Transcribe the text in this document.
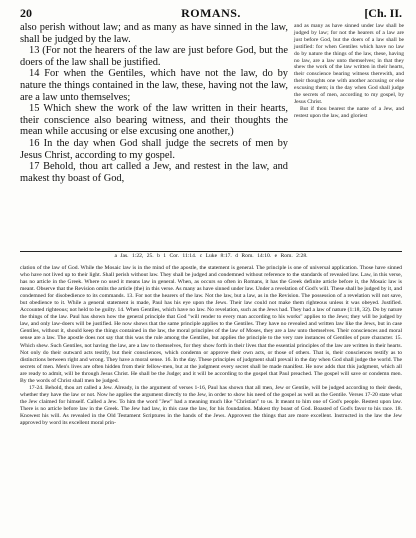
20	ROMANS.	[Ch. II.

also perish without law; and as many as have sinned in the law, shall be judged by the law.

13 (For not the hearers of the law are just before God, but the doers of the law shall be justified.

14 For when the Gentiles, which have not the law, do by nature the things contained in the law, these, having not the law, are a law unto themselves;

15 Which shew the work of the law written in their hearts, their conscience also bearing witness, and their thoughts the mean while accusing or else excusing one another,)

16 In the day when God shall judge the secrets of men by Jesus Christ, according to my gospel.

17 Behold, thou art called a Jew, and restest in the law, and makest thy boast of God,

and as many as have sinned under law shall be judged by law; for not the hearers of a law are just before God, but the doers of a law shall be justified: for when Gentiles which have no law do by nature the things of the law, these, having no law, are a law unto themselves; in that they shew the work of the law written in their hearts, their conscience bearing witness therewith, and their thoughts one with another accusing or else excusing them; in the day when God shall judge the secrets of men, according to my gospel, by Jesus Christ.

But if thou bearest the name of a Jew, and restest upon the law, and gloriest

a Jas. 1:22, 25. b 1 Cor. 11:14. c Luke 8:17. d Rom. 14:10. e Rom. 2:28.

clation of the law of God. While the Mosaic law is in the mind of the apostle, the statement is general. The principle is one of universal application. Those have sinned who have not lived up to their light. Shall perish without law. They shall be judged and condemned without reference to the standards of revealed law. Law, in this verse, has no article in the Greek. Where no used it means law in general. When, as occurs so often in Romans, it has the Greek definite article before it, the Mosaic law is meant. Observe that the Revision omits the article (the) in this verse. As many as have sinned under law. Under a revelation of God's will. These shall be judged by it, and condemned for disobedience to its commands. 13. For not the hearers of the law. Not the law, but a law, as in the Revision. The possession of a revelation will not save, but obedience to it. While a general statement is made, Paul has his eye upon the Jews. Their law could not make them righteous unless it was obeyed. Justified. Accounted righteous; not held to be guilty. 14. When Gentiles, which have no law. No revelation, such as the Jews had. They had a law of nature (1:18, 32). Do by nature the things of the law. Paul has shown how the general principle that God "will render to every man according to his works" applies to the Jews; they will be judged by law, and only law-doers will be justified. He now shows that the same principle applies to the Gentiles. They have no revealed and written law like the Jews, but in case Gentiles, without it, should keep the things contained in the law, the moral principles of the law of Moses, they are a law unto themselves. Their consciences and moral sense are a law. The apostle does not say that this was the rule among the Gentiles, but applies the principle to the very rare instances of Gentiles of pure character. 15. Which shew. Such Gentiles, not having the law, are a law to themselves, for they show forth in their lives that the essential principles of the law are written in their hearts. Not only do their outward acts testify, but their consciences, which condemn or approve their own acts, or those of others. That is, their consciences testify as to distinctions between right and wrong. They have a moral sense. 16. In the day. These principles of judgment shall prevail in the day when God shall judge the world. The secrets of men. Men's lives are often hidden from their fellow-men, but at the judgment every secret shall be made manifest. He now adds that this judgment, which all are ready to admit, will be through Jesus Christ. He shall be the Judge; and it will be according to the gospel that Paul preached. The gospel will save or condemn men. By the words of Christ shall men be judged.

17-24. Behold, thou art called a Jew. Already, in the argument of verses 1-16, Paul has shown that all men, Jew or Gentile, will be judged according to their deeds, whether they have the law or not. Now he applies the argument directly to the Jew, in order to show his need of the gospel as well as the Gentile. Verses 17-20 state what the Jew claimed for himself. Called a Jew. To him the word "Jew" had a meaning much like "Christian" to us. It meant to him one of God's people. Restest upon law. There is no article before law in the Greek. The Jew had law, in this case the law, for his foundation. Makest thy boast of God. Boasted of God's favor to his race. 18. Knowest his will. As revealed in the Old Testament Scriptures in the hands of the Jews. Approvest the things that are more excellent. Instructed in the law the Jew approved by word its excellent moral prin-
